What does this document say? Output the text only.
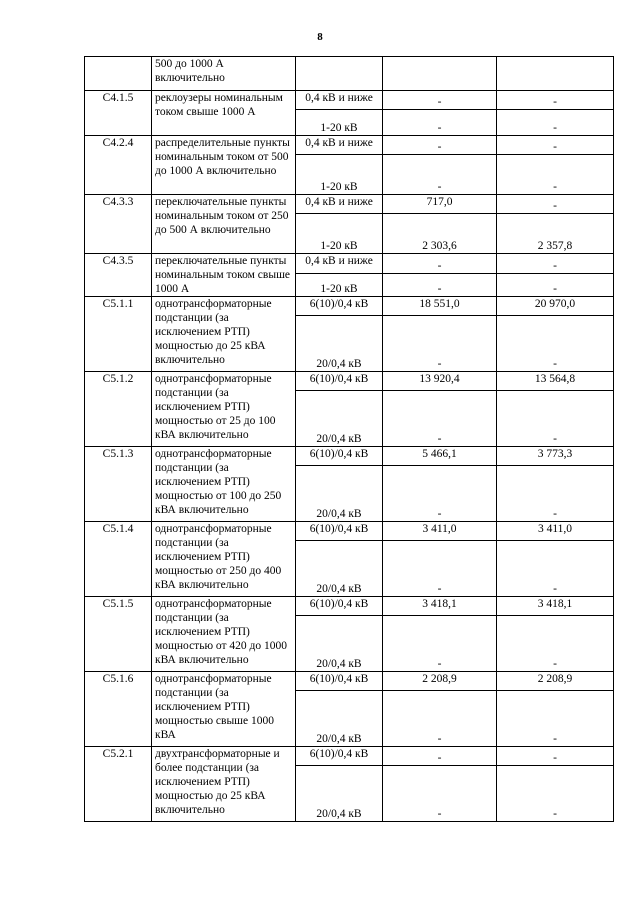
8
	500 до 1000 А включительно			
С4.1.5	реклоузеры номинальным током свыше 1000 А	0,4 кВ и ниже	-	-
		1-20 кВ	-	-
С4.2.4	распределительные пункты номинальным током от 500 до 1000 А включительно	0,4 кВ и ниже	-	-
		1-20 кВ	-	-
С4.3.3	переключательные пункты номинальным током от 250 до 500 А включительно	0,4 кВ и ниже	717,0	-
		1-20 кВ	2 303,6	2 357,8
С4.3.5	переключательные пункты номинальным током свыше 1000 А	0,4 кВ и ниже	-	-
		1-20 кВ	-	-
С5.1.1	однотрансформаторные подстанции (за исключением РТП) мощностью до 25 кВА включительно	6(10)/0,4 кВ	18 551,0	20 970,0
		20/0,4 кВ	-	-
С5.1.2	однотрансформаторные подстанции (за исключением РТП) мощностью от 25 до 100 кВА включительно	6(10)/0,4 кВ	13 920,4	13 564,8
		20/0,4 кВ	-	-
С5.1.3	однотрансформаторные подстанции (за исключением РТП) мощностью от 100 до 250 кВА включительно	6(10)/0,4 кВ	5 466,1	3 773,3
		20/0,4 кВ	-	-
С5.1.4	однотрансформаторные подстанции (за исключением РТП) мощностью от 250 до 400 кВА включительно	6(10)/0,4 кВ	3 411,0	3 411,0
		20/0,4 кВ	-	-
С5.1.5	однотрансформаторные подстанции (за исключением РТП) мощностью от 420 до 1000 кВА включительно	6(10)/0,4 кВ	3 418,1	3 418,1
		20/0,4 кВ	-	-
С5.1.6	однотрансформаторные подстанции (за исключением РТП) мощностью свыше 1000 кВА	6(10)/0,4 кВ	2 208,9	2 208,9
		20/0,4 кВ	-	-
С5.2.1	двухтрансформаторные и более подстанции (за исключением РТП) мощностью до 25 кВА включительно	6(10)/0,4 кВ	-	-
		20/0,4 кВ	-	-
